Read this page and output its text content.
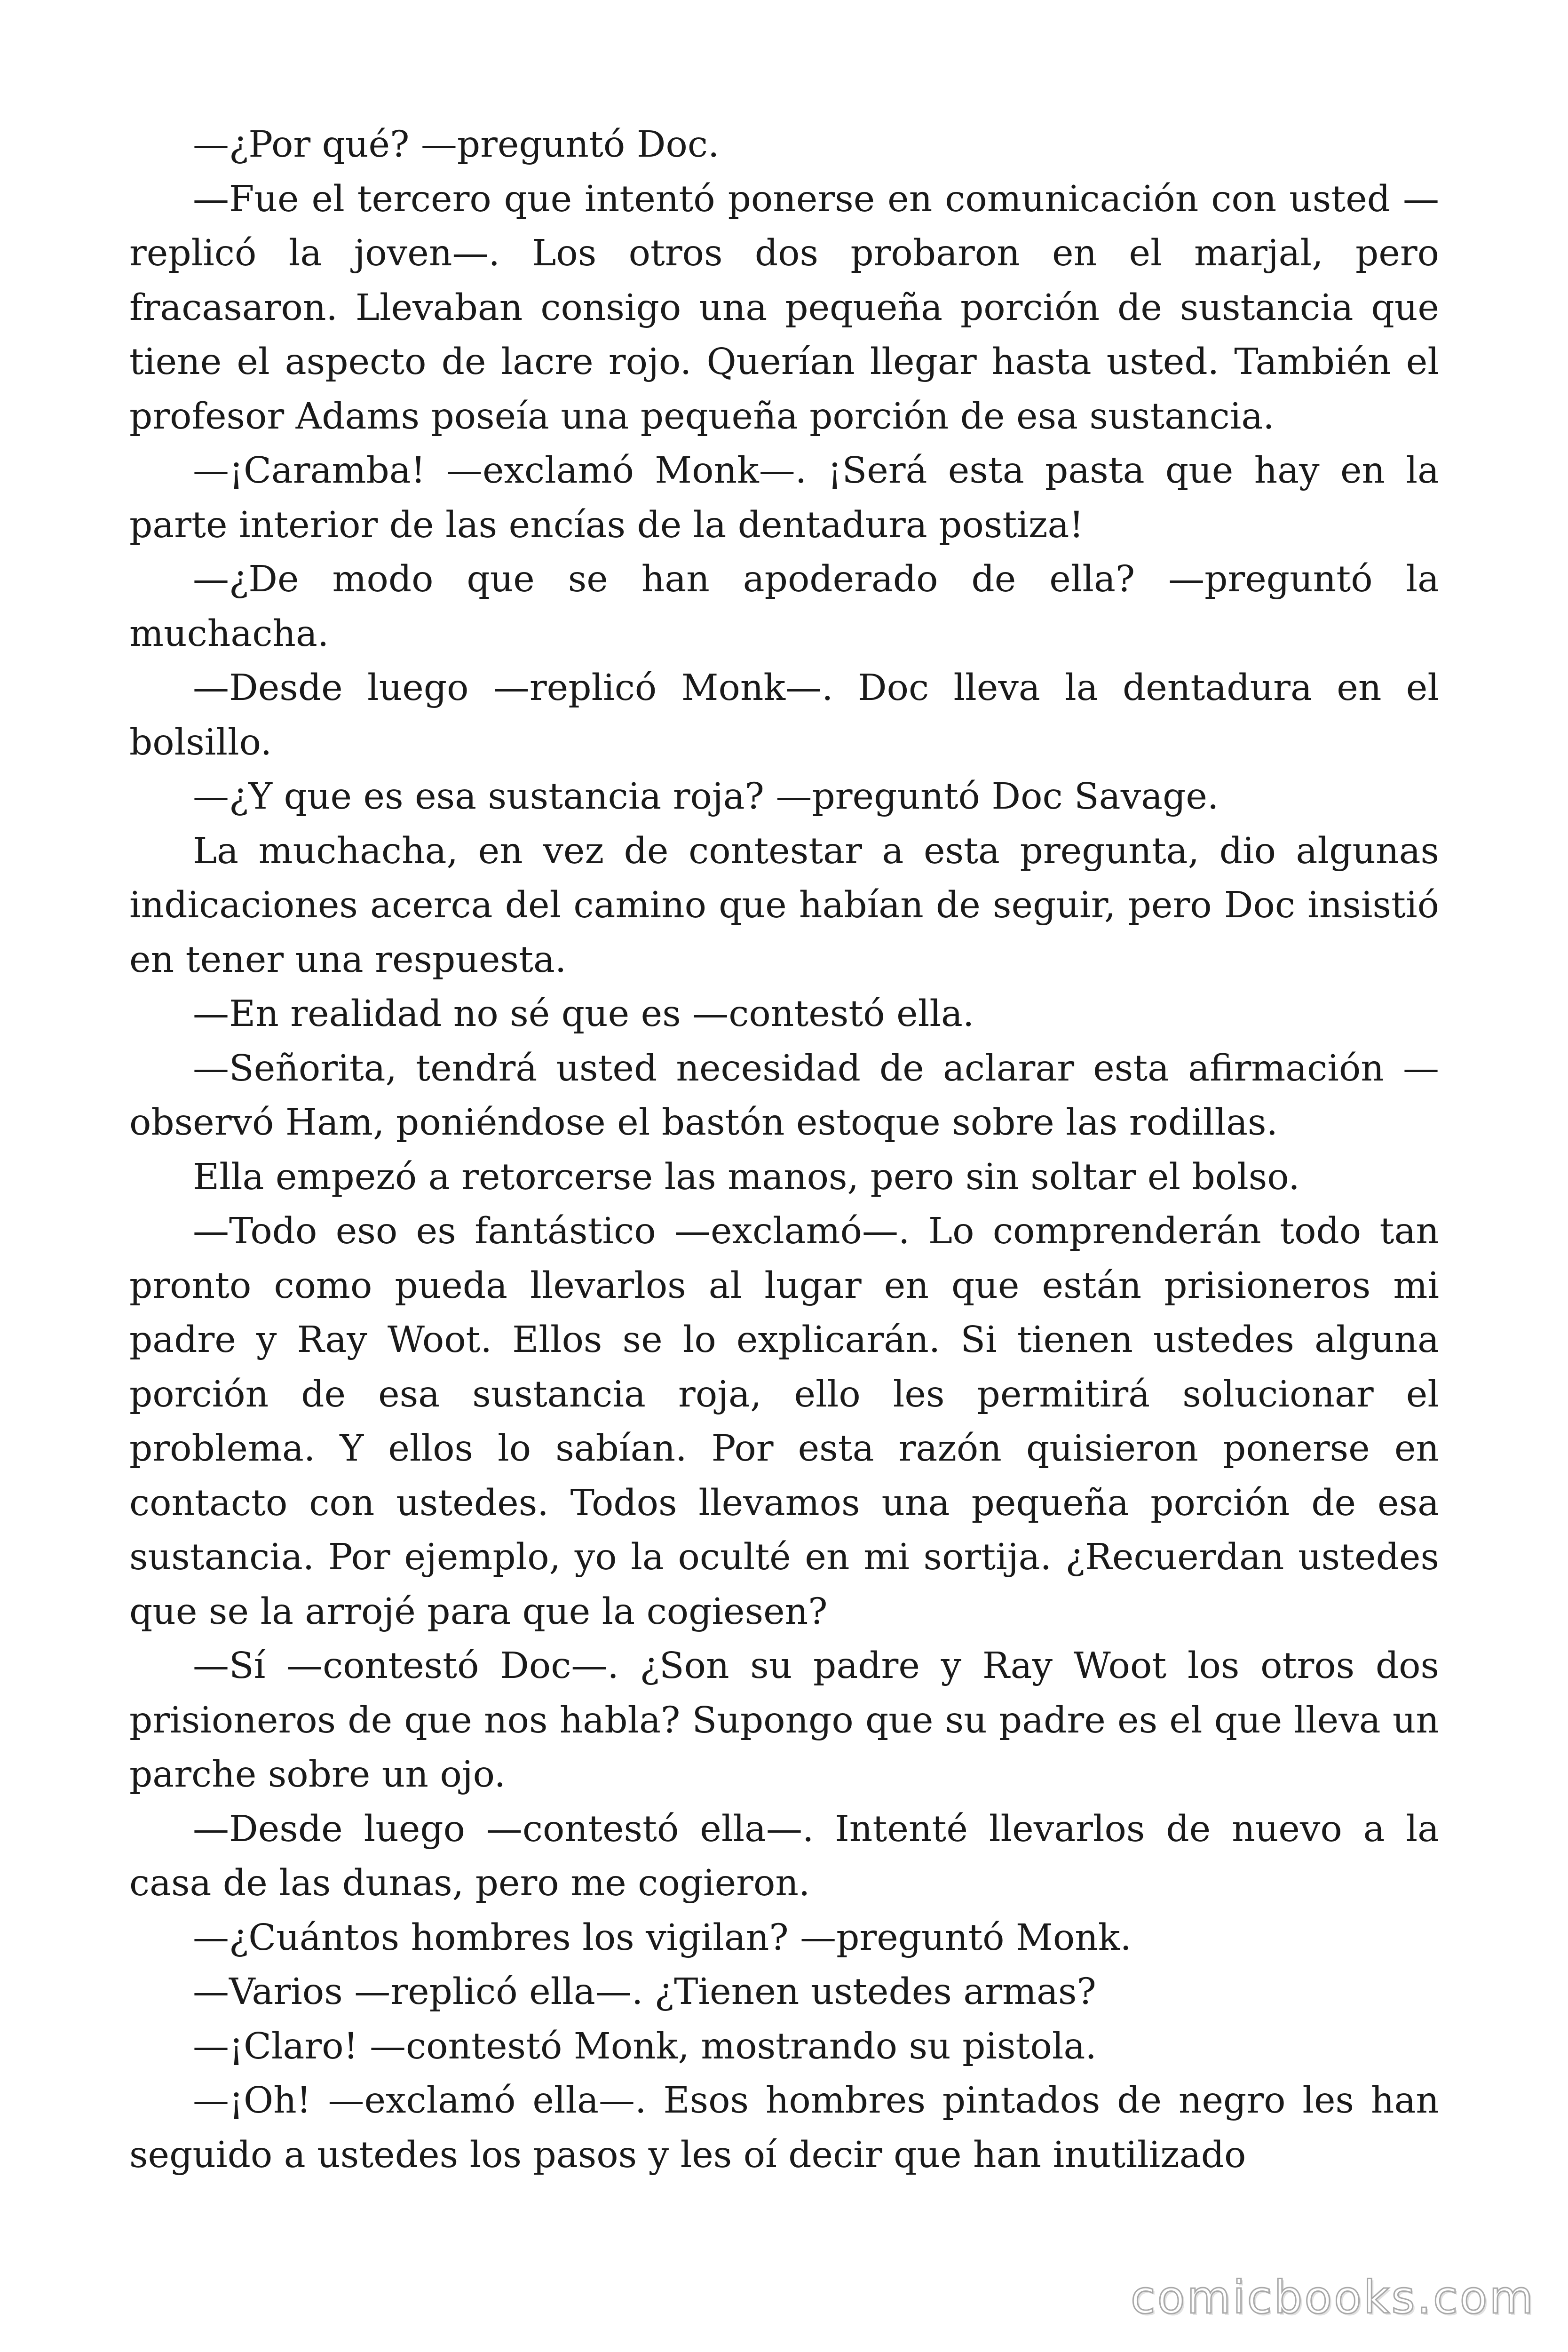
—¿Por qué? —preguntó Doc.

—Fue el tercero que intentó ponerse en comunicación con usted —replicó la joven—. Los otros dos probaron en el marjal, pero fracasaron. Llevaban consigo una pequeña porción de sustancia que tiene el aspecto de lacre rojo. Querían llegar hasta usted. También el profesor Adams poseía una pequeña porción de esa sustancia.

—¡Caramba! —exclamó Monk—. ¡Será esta pasta que hay en la parte interior de las encías de la dentadura postiza!

—¿De modo que se han apoderado de ella? —preguntó la muchacha.

—Desde luego —replicó Monk—. Doc lleva la dentadura en el bolsillo.

—¿Y que es esa sustancia roja? —preguntó Doc Savage.

La muchacha, en vez de contestar a esta pregunta, dio algunas indicaciones acerca del camino que habían de seguir, pero Doc insistió en tener una respuesta.

—En realidad no sé que es —contestó ella.

—Señorita, tendrá usted necesidad de aclarar esta afirmación — observó Ham, poniéndose el bastón estoque sobre las rodillas.

Ella empezó a retorcerse las manos, pero sin soltar el bolso.

—Todo eso es fantástico —exclamó—. Lo comprenderán todo tan pronto como pueda llevarlos al lugar en que están prisioneros mi padre y Ray Woot. Ellos se lo explicarán. Si tienen ustedes alguna porción de esa sustancia roja, ello les permitirá solucionar el problema. Y ellos lo sabían. Por esta razón quisieron ponerse en contacto con ustedes. Todos llevamos una pequeña porción de esa sustancia. Por ejemplo, yo la oculté en mi sortija. ¿Recuerdan ustedes que se la arrojé para que la cogiesen?

—Sí —contestó Doc—. ¿Son su padre y Ray Woot los otros dos prisioneros de que nos habla? Supongo que su padre es el que lleva un parche sobre un ojo.

—Desde luego —contestó ella—. Intenté llevarlos de nuevo a la casa de las dunas, pero me cogieron.

—¿Cuántos hombres los vigilan? —preguntó Monk.

—Varios —replicó ella—. ¿Tienen ustedes armas?

—¡Claro! —contestó Monk, mostrando su pistola.

—¡Oh! —exclamó ella—. Esos hombres pintados de negro les han seguido a ustedes los pasos y les oí decir que han inutilizado

comicbooks.com
